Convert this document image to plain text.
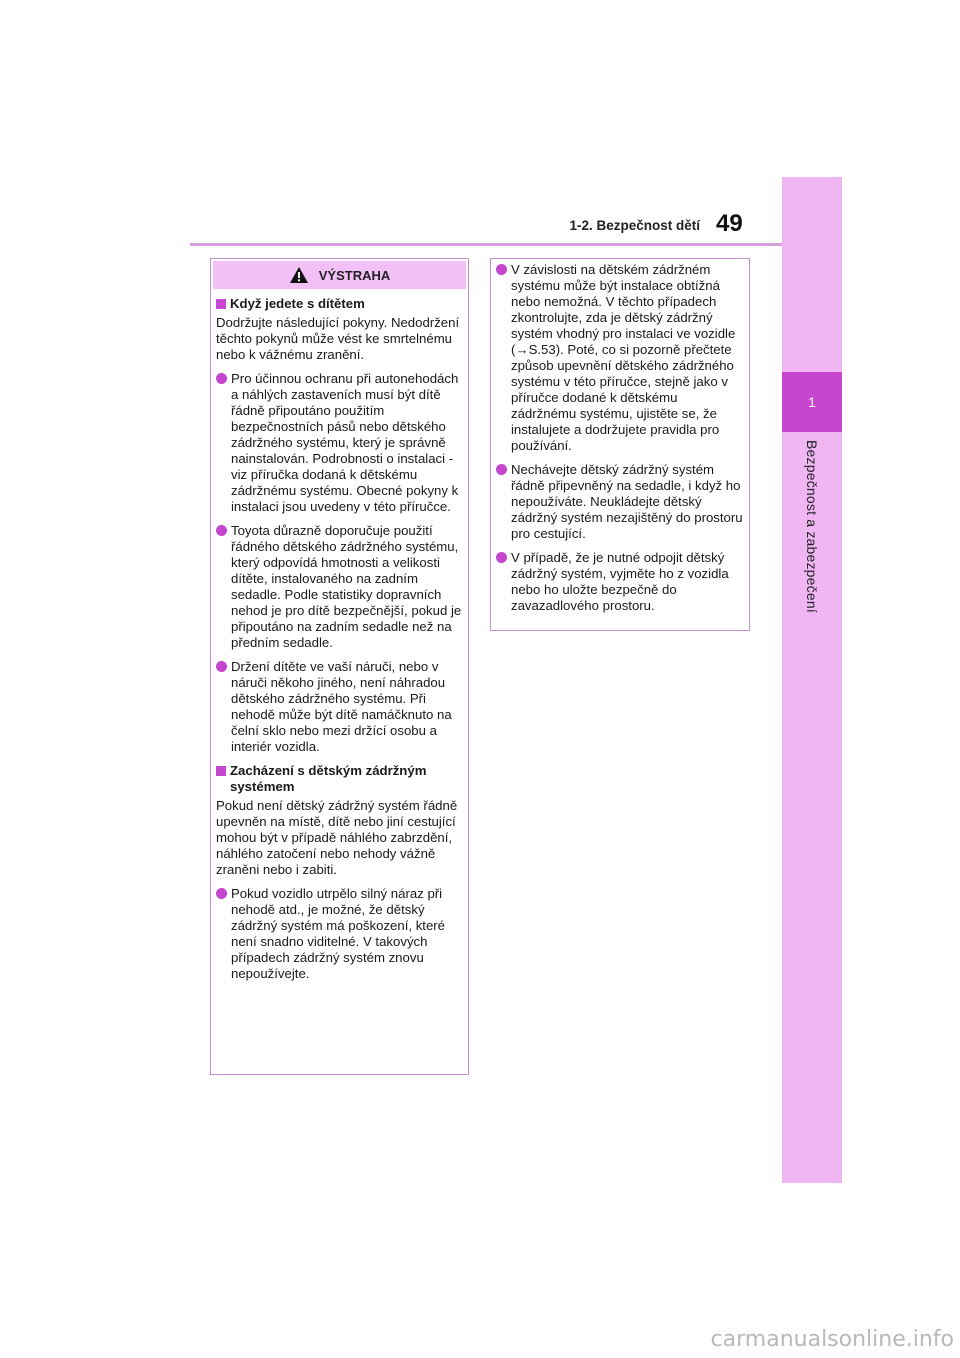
1-2. Bezpečnost dětí 49
1
Bezpečnost a zabezpečení
VÝSTRAHA
Když jedete s dítětem
Dodržujte následující pokyny. Nedodržení těchto pokynů může vést ke smrtelnému nebo k vážnému zranění.
Pro účinnou ochranu při autonehodách a náhlých zastaveních musí být dítě řádně připoutáno použitím bezpečnostních pásů nebo dětského zádržného systému, který je správně nainstalován. Podrobnosti o instalaci - viz příručka dodaná k dětskému zádržnému systému. Obecné pokyny k instalaci jsou uvedeny v této příručce.
Toyota důrazně doporučuje použití řádného dětského zádržného systému, který odpovídá hmotnosti a velikosti dítěte, instalovaného na zadním sedadle. Podle statistiky dopravních nehod je pro dítě bezpečnější, pokud je připoutáno na zadním sedadle než na předním sedadle.
Držení dítěte ve vaší náruči, nebo v náruči někoho jiného, není náhradou dětského zádržného systému. Při nehodě může být dítě namáčknuto na čelní sklo nebo mezi držící osobu a interiér vozidla.
Zacházení s dětským zádržným systémem
Pokud není dětský zádržný systém řádně upevněn na místě, dítě nebo jiní cestující mohou být v případě náhlého zabrzdění, náhlého zatočení nebo nehody vážně zraněni nebo i zabiti.
Pokud vozidlo utrpělo silný náraz při nehodě atd., je možné, že dětský zádržný systém má poškození, které není snadno viditelné. V takových případech zádržný systém znovu nepoužívejte.
V závislosti na dětském zádržném systému může být instalace obtížná nebo nemožná. V těchto případech zkontrolujte, zda je dětský zádržný systém vhodný pro instalaci ve vozidle (→S.53). Poté, co si pozorně přečtete způsob upevnění dětského zádržného systému v této příručce, stejně jako v příručce dodané k dětskému zádržnému systému, ujistěte se, že instalujete a dodržujete pravidla pro používání.
Nechávejte dětský zádržný systém řádně připevněný na sedadle, i když ho nepoužíváte. Neukládejte dětský zádržný systém nezajištěný do prostoru pro cestující.
V případě, že je nutné odpojit dětský zádržný systém, vyjměte ho z vozidla nebo ho uložte bezpečně do zavazadlového prostoru.
carmanualsonline.info
